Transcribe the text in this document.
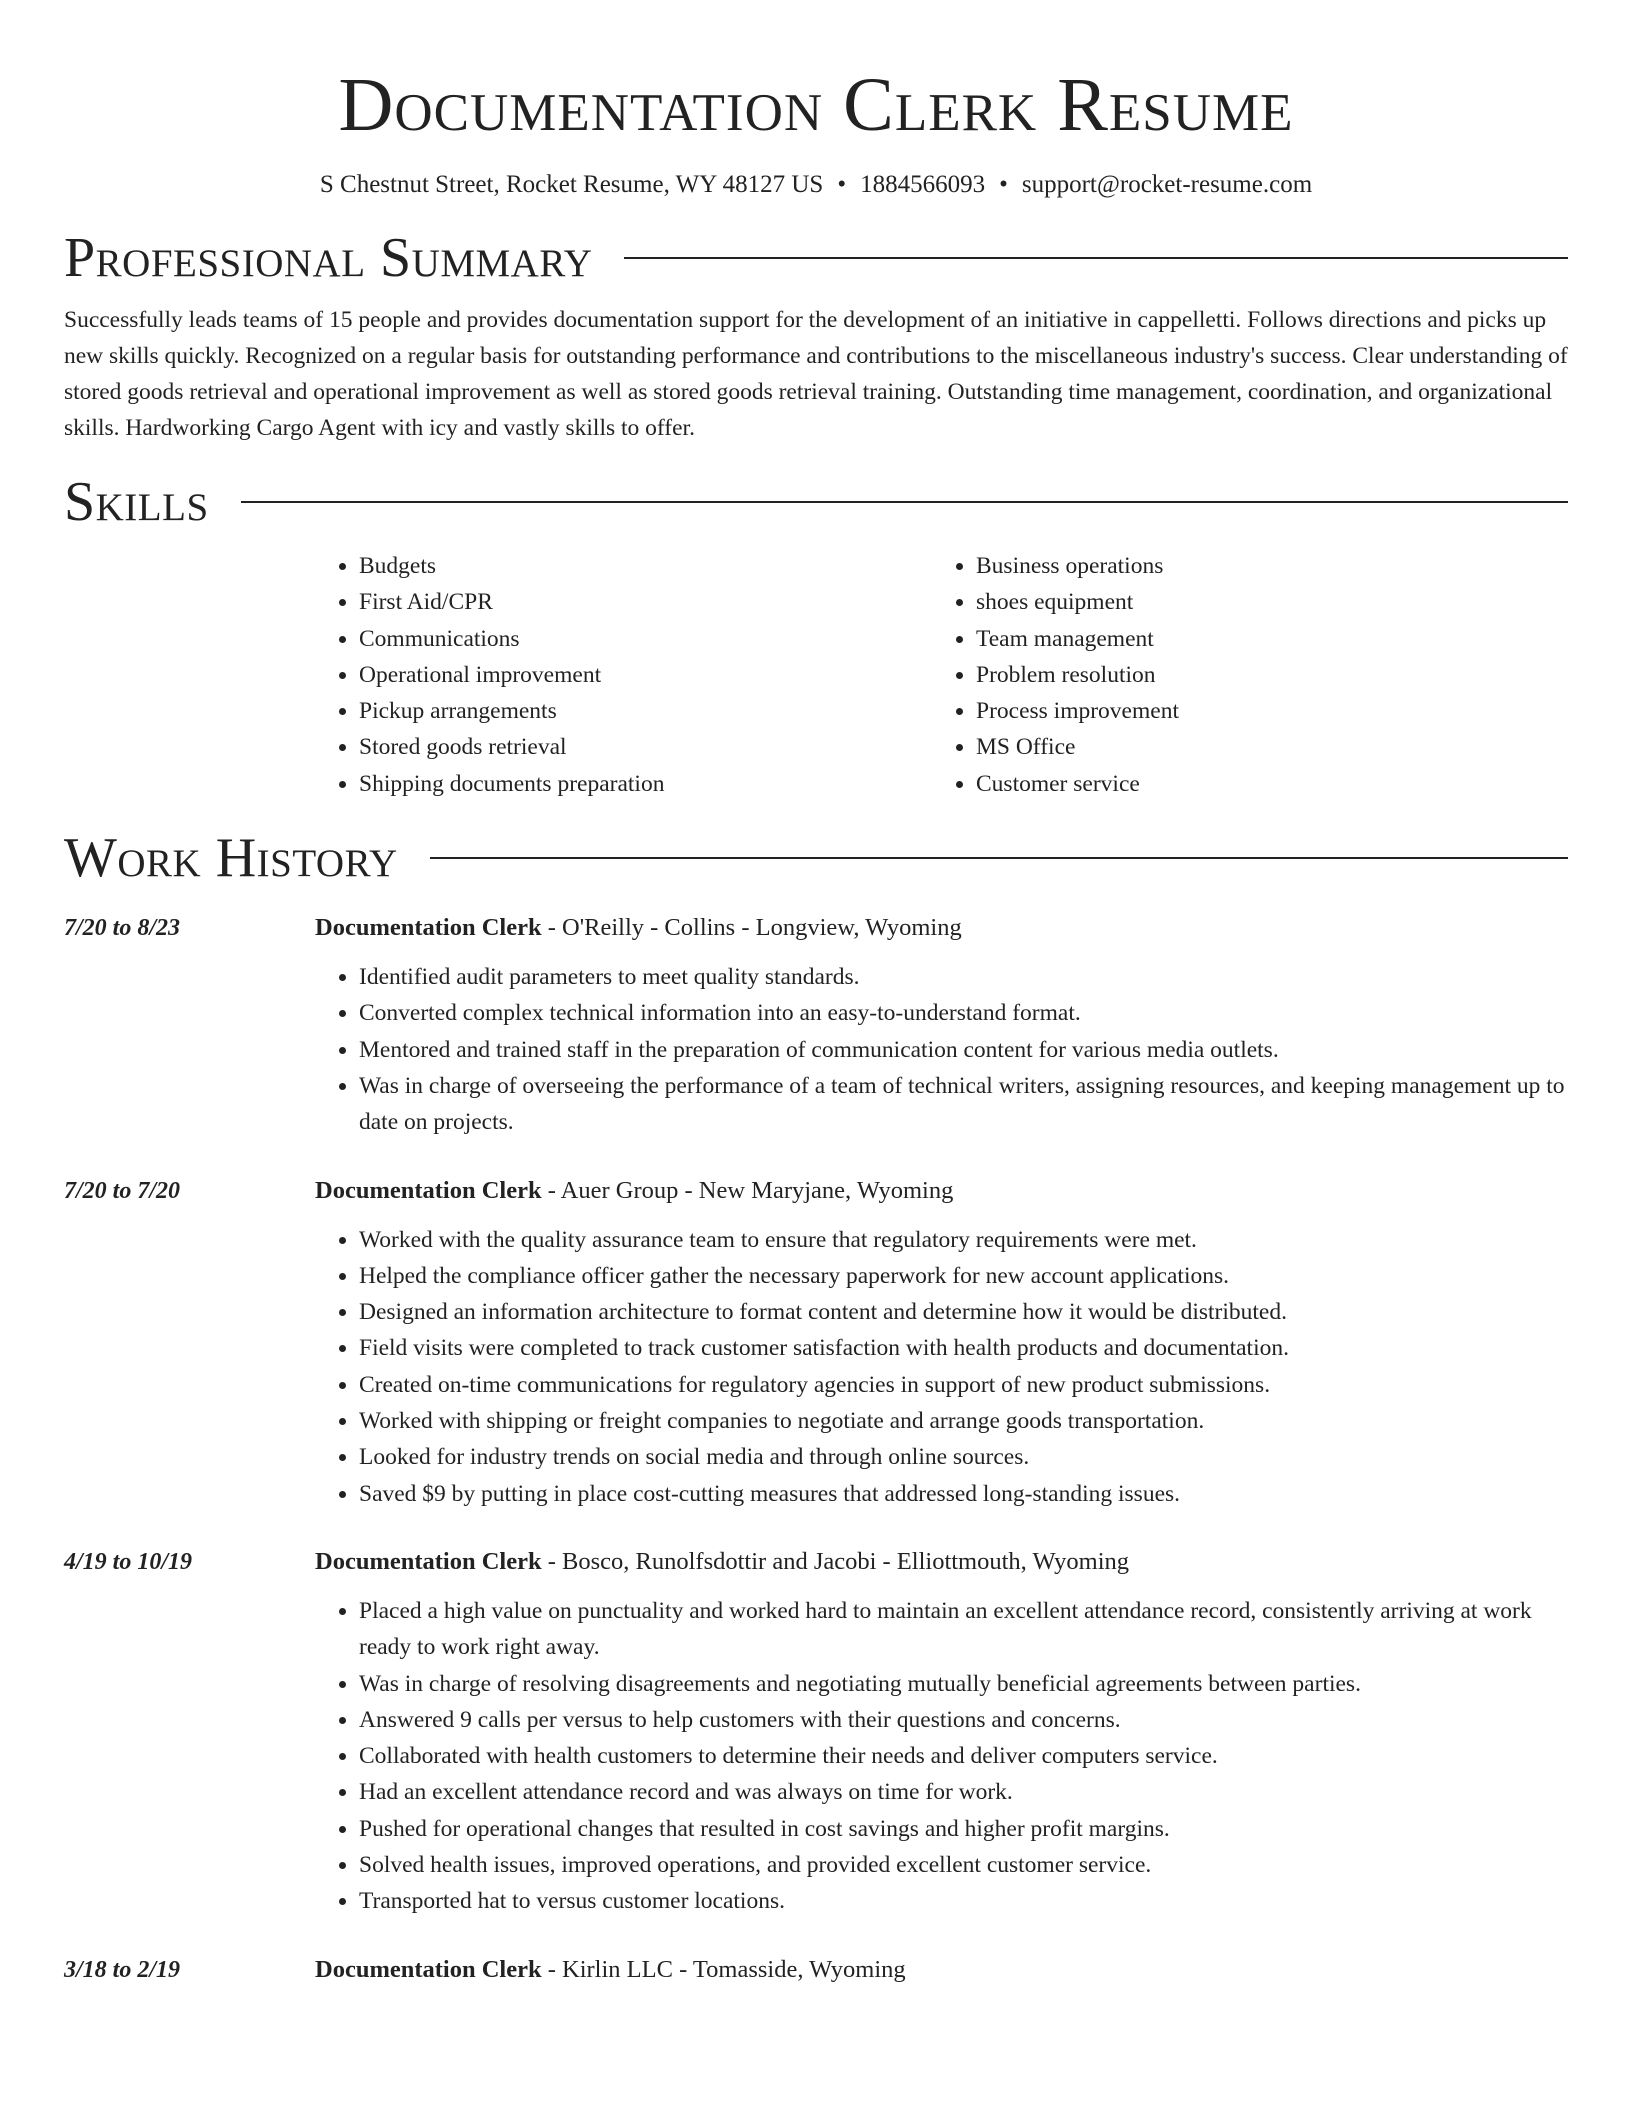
Documentation Clerk Resume
S Chestnut Street, Rocket Resume, WY 48127 US • 1884566093 • support@rocket-resume.com
Professional Summary

Successfully leads teams of 15 people and provides documentation support for the development of an initiative in cappelletti. Follows directions and picks up new skills quickly. Recognized on a regular basis for outstanding performance and contributions to the miscellaneous industry's success. Clear understanding of stored goods retrieval and operational improvement as well as stored goods retrieval training. Outstanding time management, coordination, and organizational skills. Hardworking Cargo Agent with icy and vastly skills to offer.

Skills
• Budgets
• First Aid/CPR
• Communications
• Operational improvement
• Pickup arrangements
• Stored goods retrieval
• Shipping documents preparation
• Business operations
• shoes equipment
• Team management
• Problem resolution
• Process improvement
• MS Office
• Customer service
Work History
7/20 to 8/23	Documentation Clerk - O'Reilly - Collins - Longview, Wyoming
• Identified audit parameters to meet quality standards.
• Converted complex technical information into an easy-to-understand format.
• Mentored and trained staff in the preparation of communication content for various media outlets.
• Was in charge of overseeing the performance of a team of technical writers, assigning resources, and keeping management up to date on projects.
7/20 to 7/20	Documentation Clerk - Auer Group - New Maryjane, Wyoming
• Worked with the quality assurance team to ensure that regulatory requirements were met.
• Helped the compliance officer gather the necessary paperwork for new account applications.
• Designed an information architecture to format content and determine how it would be distributed.
• Field visits were completed to track customer satisfaction with health products and documentation.
• Created on-time communications for regulatory agencies in support of new product submissions.
• Worked with shipping or freight companies to negotiate and arrange goods transportation.
• Looked for industry trends on social media and through online sources.
• Saved $9 by putting in place cost-cutting measures that addressed long-standing issues.
4/19 to 10/19	Documentation Clerk - Bosco, Runolfsdottir and Jacobi - Elliottmouth, Wyoming
• Placed a high value on punctuality and worked hard to maintain an excellent attendance record, consistently arriving at work ready to work right away.
• Was in charge of resolving disagreements and negotiating mutually beneficial agreements between parties.
• Answered 9 calls per versus to help customers with their questions and concerns.
• Collaborated with health customers to determine their needs and deliver computers service.
• Had an excellent attendance record and was always on time for work.
• Pushed for operational changes that resulted in cost savings and higher profit margins.
• Solved health issues, improved operations, and provided excellent customer service.
• Transported hat to versus customer locations.
3/18 to 2/19	Documentation Clerk - Kirlin LLC - Tomasside, Wyoming
